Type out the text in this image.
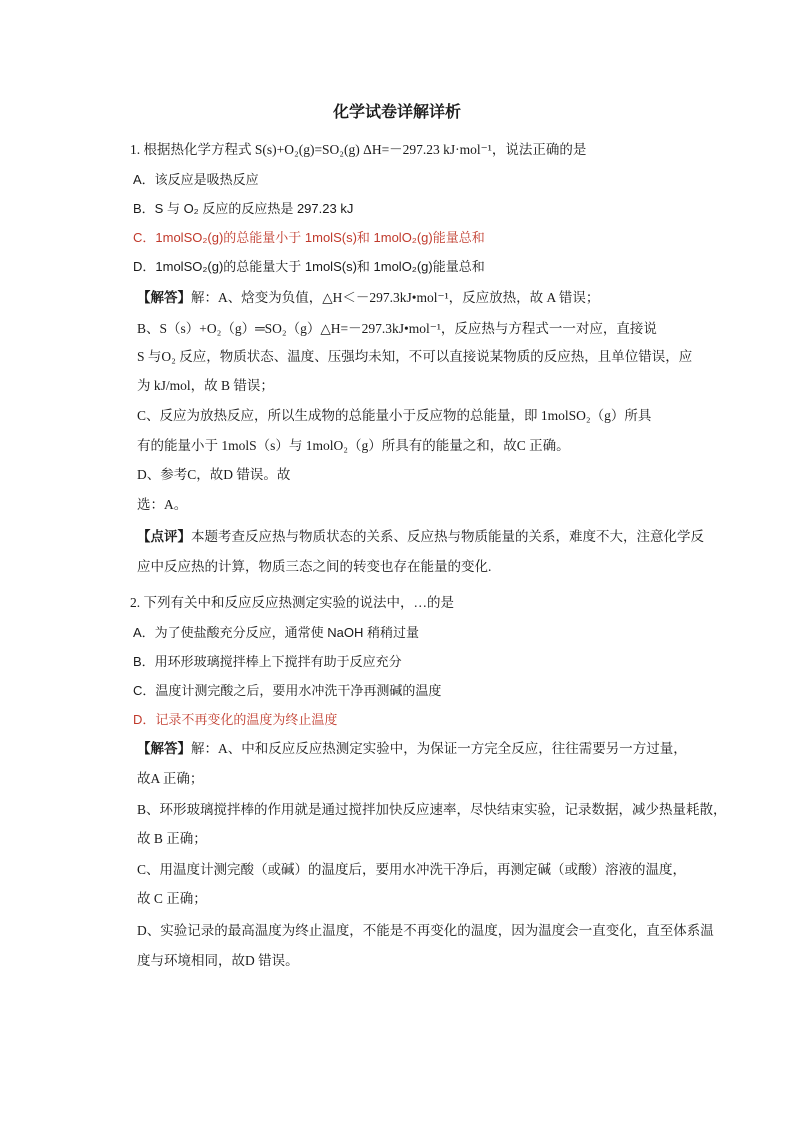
化学试卷详解详析
1. 根据热化学方程式 S(s)+O₂(g)=SO₂(g) ΔH=－297.23 kJ·mol⁻¹，说法正确的是
A．该反应是吸热反应
B．S 与 O₂ 反应的反应热是 297.23 kJ
C．1molSO₂(g)的总能量小于 1molS(s)和 1molO₂(g)能量总和
D．1molSO₂(g)的总能量大于 1molS(s)和 1molO₂(g)能量总和
【解答】解：A、焓变为负值，△H＜－297.3kJ•mol⁻¹，反应放热，故 A 错误；
B、S（s）+O₂（g）═SO₂（g）△H=－297.3kJ•mol⁻¹，反应热与方程式一一对应，直接说
S 与O₂ 反应，物质状态、温度、压强均未知，不可以直接说某物质的反应热，且单位错误，应
为 kJ/mol，故 B 错误；
C、反应为放热反应，所以生成物的总能量小于反应物的总能量，即 1molSO₂（g）所具
有的能量小于 1molS（s）与 1molO₂（g）所具有的能量之和，故C 正确。
D、参考C，故D 错误。故
选：A。
【点评】本题考查反应热与物质状态的关系、反应热与物质能量的关系，难度不大，注意化学反
应中反应热的计算，物质三态之间的转变也存在能量的变化.
2. 下列有关中和反应反应热测定实验的说法中，…的是
A．为了使盐酸充分反应，通常使 NaOH 稍稍过量
B．用环形玻璃搅拌棒上下搅拌有助于反应充分
C．温度计测完酸之后，要用水冲洗干净再测碱的温度
D．记录不再变化的温度为终止温度
【解答】解：A、中和反应反应热测定实验中，为保证一方完全反应，往往需要另一方过量，
故A 正确；
B、环形玻璃搅拌棒的作用就是通过搅拌加快反应速率，尽快结束实验，记录数据，减少热量耗散，
故 B 正确；
C、用温度计测完酸（或碱）的温度后，要用水冲洗干净后，再测定碱（或酸）溶液的温度，
故 C 正确；
D、实验记录的最高温度为终止温度，不能是不再变化的温度，因为温度会一直变化，直至体系温
度与环境相同，故D 错误。
